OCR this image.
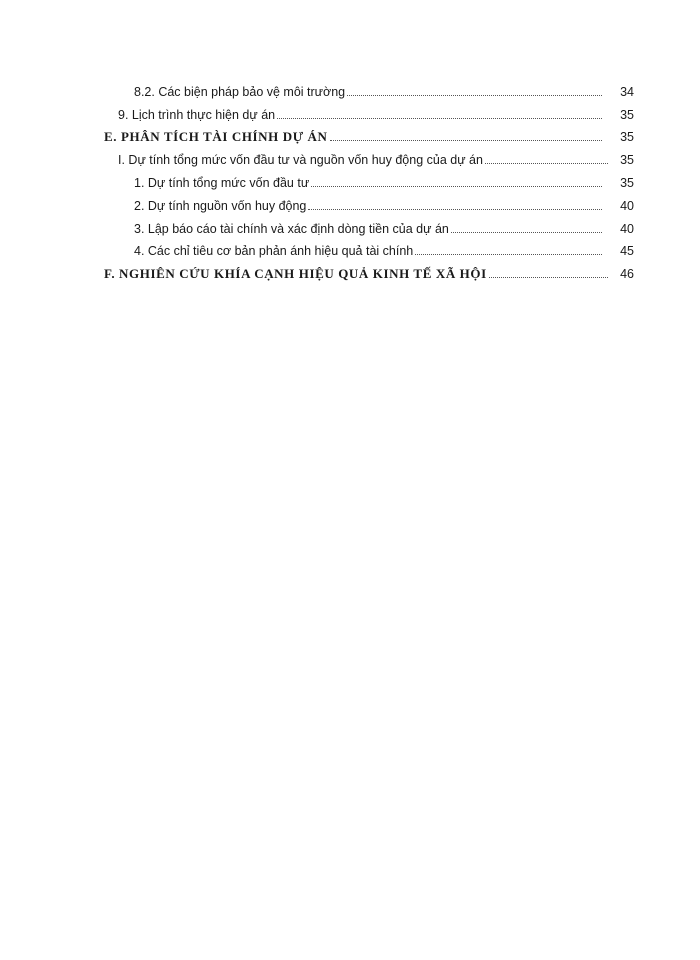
8.2. Các biện pháp bảo vệ môi trường	34
9. Lịch trình thực hiện dự án	35
E. PHÂN TÍCH TÀI CHÍNH DỰ ÁN	35
I. Dự tính tổng mức vốn đầu tư và nguồn vốn huy động của dự án	35
1. Dự tính tổng mức vốn đầu tư	35
2. Dự tính nguồn vốn huy động	40
3. Lập báo cáo tài chính và xác định dòng tiền của dự án	40
4. Các chỉ tiêu cơ bản phản ánh hiệu quả tài chính	45
F. NGHIÊN CỨU KHÍA CẠNH HIỆU QUẢ KINH TẾ XÃ HỘI	46
